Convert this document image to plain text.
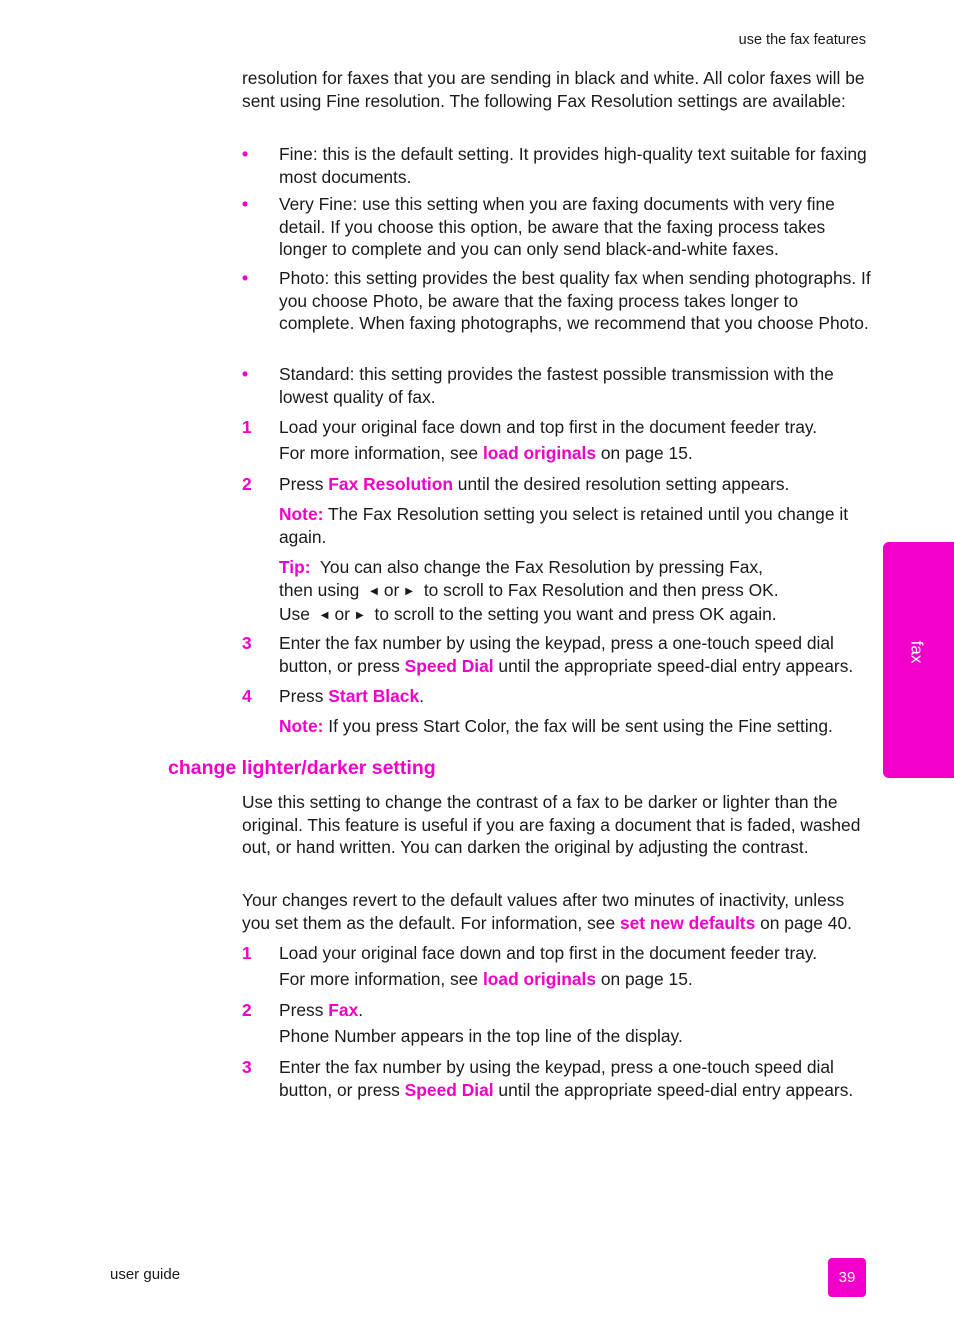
use the fax features

resolution for faxes that you are sending in black and white. All color faxes will be sent using Fine resolution. The following Fax Resolution settings are available:

•	Fine: this is the default setting. It provides high-quality text suitable for faxing most documents.

•	Very Fine: use this setting when you are faxing documents with very fine detail. If you choose this option, be aware that the faxing process takes longer to complete and you can only send black-and-white faxes.

•	Photo: this setting provides the best quality fax when sending photographs. If you choose Photo, be aware that the faxing process takes longer to complete. When faxing photographs, we recommend that you choose Photo.

•	Standard: this setting provides the fastest possible transmission with the lowest quality of fax.

1	Load your original face down and top first in the document feeder tray.

For more information, see load originals on page 15.
2	Press Fax Resolution until the desired resolution setting appears.

Note: The Fax Resolution setting you select is retained until you change it again.
Tip:  You can also change the Fax Resolution by pressing Fax,
then using ◀ or ▶ to scroll to Fax Resolution and then press OK.
Use ◀ or ▶ to scroll to the setting you want and press OK again.
3	Enter the fax number by using the keypad, press a one-touch speed dial button, or press Speed Dial until the appropriate speed-dial entry appears.

4	Press Start Black.

Note: If you press Start Color, the fax will be sent using the Fine setting.
change lighter/darker setting

Use this setting to change the contrast of a fax to be darker or lighter than the original. This feature is useful if you are faxing a document that is faded, washed out, or hand written. You can darken the original by adjusting the contrast.

Your changes revert to the default values after two minutes of inactivity, unless you set them as the default. For information, see set new defaults on page 40.

1	Load your original face down and top first in the document feeder tray.

For more information, see load originals on page 15.
2	Press Fax.

Phone Number appears in the top line of the display.
3	Enter the fax number by using the keypad, press a one-touch speed dial button, or press Speed Dial until the appropriate speed-dial entry appears.

fax
user guide	39
